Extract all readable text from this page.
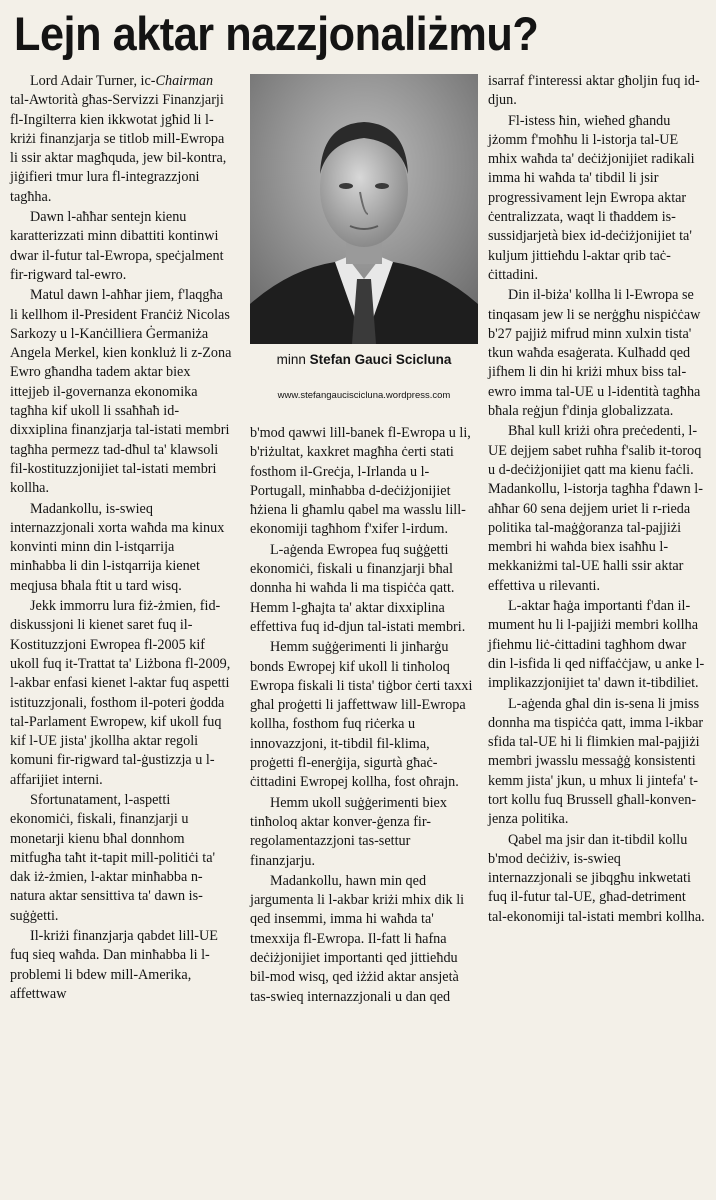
Lejn aktar nazzjonaliżmu?

Lord Adair Turner, ic-Chairman tal-Awtorità għas-Servizzi Finanzjarji fl-Ingilterra kien ikkwotat jgħid li l-kriżi finanzjarja se titlob mill-Ewropa li ssir aktar magħquda, jew bil-kontra, jiġifieri tmur lura fl-integrazzjoni tagħha.

Dawn l-aħħar sentejn kienu karatterizzati minn dibattiti kontinwi dwar il-futur tal-Ewropa, speċjalment fir-rigward tal-ewro.

Matul dawn l-aħħar jiem, f'laqgħa li kellhom il-President Franċiż Nicolas Sarkozy u l-Kanċilliera Ġermaniża Angela Merkel, kien konkluż li z-Zona Ewro għandha tadem aktar biex ittejjeb il-governanza ekonomika tagħha kif ukoll li ssaħħaħ id-dixxiplina finanzjarja tal-istati membri tagħha permezz tad-dħul ta' klawsoli fil-kostituzzjonijiet tal-istati membri kollha.

Madankollu, is-swieq internazzjonali xorta waħda ma kinux konvinti minn din l-istqarrija minħabba li din l-istqarrija kienet meqjusa bħala ftit u tard wisq.

Jekk immorru lura fiż-żmien, fid-diskussjoni li kienet saret fuq il-Kostituzzjoni Ewropea fl-2005 kif ukoll fuq it-Trattat ta' Liżbona fl-2009, l-akbar enfasi kienet l-aktar fuq aspetti istituzzjonali, fosthom il-poteri ġodda tal-Parlament Ewropew, kif ukoll fuq kif l-UE jista' jkollha aktar regoli komuni fir-rigward tal-ġustizzja u l-affarijiet interni.

Sfortunatament, l-aspetti ekonomiċi, fiskali, finanzjarji u monetarji kienu bħal donnhom mitfugħa taħt it-tapit mill-politiċi ta' dak iż-żmien, l-aktar minħabba n-natura aktar sensittiva ta' dawn is-suġġetti.

Il-kriżi finanzjarja qabdet lill-UE fuq sieq waħda. Dan minħabba li l-problemi li bdew mill-Amerika, affettwaw

minn Stefan Gauci Scicluna
www.stefangaucisciclunа.wordpress.com

b'mod qawwi lill-banek fl-Ewropa u li, b'riżultat, kaxkret magħha ċerti stati fosthom il-Greċja, l-Irlanda u l-Portugall, minħabba d-deċiżjonijiet ħżiena li għamlu qabel ma wasslu lill-ekonomiji tagħhom f'xifer l-irdum.

L-aġenda Ewropea fuq suġġetti ekonomiċi, fiskali u finanzjarji bħal donnha hi waħda li ma tispiċċa qatt. Hemm l-għajta ta' aktar dixxiplina effettiva fuq id-djun tal-istati membri.

Hemm suġġerimenti li jinħarġu bonds Ewropej kif ukoll li tinħoloq Ewropa fiskali li tista' tiġbor ċerti taxxi għal proġetti li jaffettwaw lill-Ewropa kollha, fosthom fuq riċerka u innovazzjoni, it-tibdil fil-klima, proġetti fl-enerġija, sigurtà għaċ-ċittadini Ewropej kollha, fost oħrajn.

Hemm ukoll suġġerimenti biex tinħoloq aktar konver-ġenza fir-regolamentazzjoni tas-settur finanzjarju.

Madankollu, hawn min qed jargumenta li l-akbar kriżi mhix dik li qed insemmi, imma hi waħda ta' tmexxija fl-Ewropa. Il-fatt li ħafna deċiżjonijiet importanti qed jittieħdu bil-mod wisq, qed iżżid aktar ansjetà tas-swieq internazzjonali u dan qed

isarraf f'interessi aktar għoljin fuq id-djun.

Fl-istess ħin, wieħed għandu jżomm f'moħħu li l-istorja tal-UE mhix waħda ta' deċiżjonijiet radikali imma hi waħda ta' tibdil li jsir progressivament lejn Ewropa aktar ċentralizzata, waqt li tħaddem is-sussidjarjetà biex id-deċiżjonijiet ta' kuljum jittieħdu l-aktar qrib taċ-ċittadini.

Din il-biża' kollha li l-Ewropa se tinqasam jew li se nerġgħu nispiċċaw b'27 pajjiż mifrud minn xulxin tista' tkun waħda esaġerata. Kulħadd qed jifhem li din hi kriżi mhux biss tal-ewro imma tal-UE u l-identità tagħha bħala reġjun f'dinja globalizzata.

Bħal kull kriżi oħra preċedenti, l-UE dejjem sabet ruħha f'salib it-toroq u d-deċiżjonijiet qatt ma kienu faċli. Madankollu, l-istorja tagħha f'dawn l-aħħar 60 sena dejjem uriet li r-rieda politika tal-maġġoranza tal-pajjiżi membri hi waħda biex isaħħu l-mekkaniżmi tal-UE ħalli ssir aktar effettiva u rilevanti.

L-aktar ħaġa importanti f'dan il-mument hu li l-pajjiżi membri kollha jfiehmu liċ-ċittadini tagħhom dwar din l-isfida li qed niffaċċjaw, u anke l-implikazzjonijiet ta' dawn it-tibdiliet.

L-aġenda għal din is-sena li jmiss donnha ma tispiċċa qatt, imma l-ikbar sfida tal-UE hi li flimkien mal-pajjiżi membri jwasslu messaġġ konsistenti kemm jista' jkun, u mhux li jintefa' t-tort kollu fuq Brussell għall-konven-jenza politika.

Qabel ma jsir dan it-tibdil kollu b'mod deċiżiv, is-swieq internazzjonali se jibqgħu inkwetati fuq il-futur tal-UE, għad-detriment tal-ekonomiji tal-istati membri kollha.
